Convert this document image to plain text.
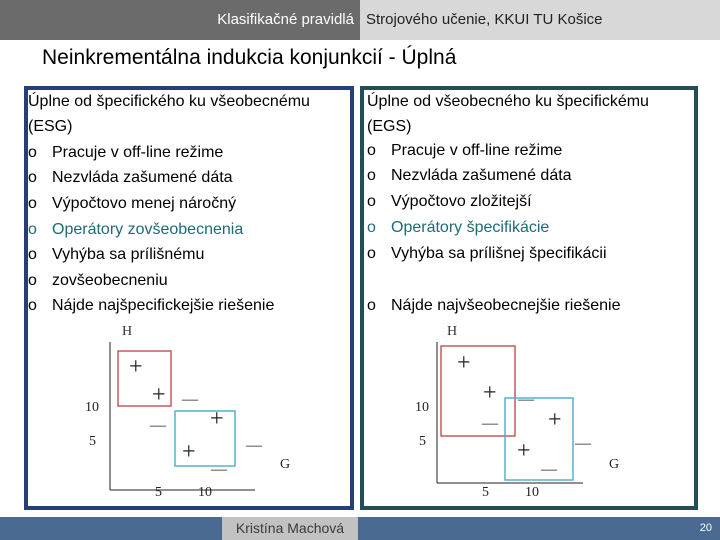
Klasifikačné pravidlá Strojového učenie, KKUI TU Košice
Neinkrementálna indukcia konjunkcií - Úplná
Úplne od špecifického ku všeobecnému
(ESG)
o Pracuje v off-line režime
o Nezvláda zašumené dáta
o Výpočtovo menej náročný
o Operátory zovšeobecnenia
o Vyhýba sa prílišnému
o zovšeobecneniu
o Nájde najšpecifickejšie riešenie
Úplne od všeobecného ku špecifickému
(EGS)
o Pracuje v off-line režime
o Nezvláda zašumené dáta
o Výpočtovo zložitejší
o Operátory špecifikácie
o Vyhýba sa prílišnej špecifikácii
o Nájde najvšeobecnejšie riešenie
H
10
5
5	10
G
+
+
+
+
—
—
—
—
H
10
5
5	10
G
+
+
+
+
—
—
—
—
Kristína Machová	20
